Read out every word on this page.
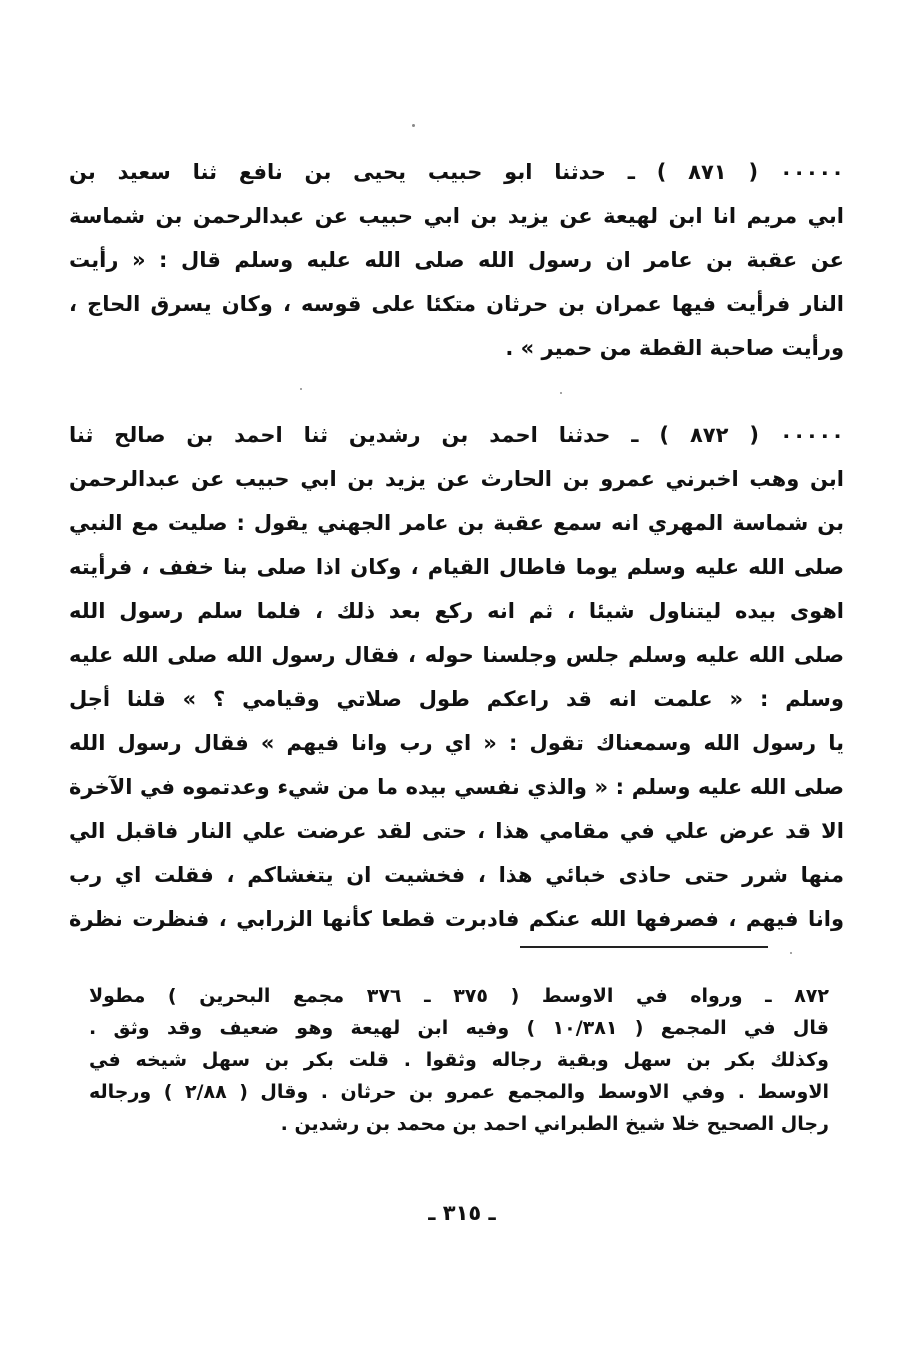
٠٠٠٠٠ ( ٨٧١ ) ـ حدثنا ابو حبيب يحيى بن نافع ثنا سعيد بن
ابي مريم انا ابن لهيعة عن يزيد بن ابي حبيب عن عبدالرحمن بن شماسة
عن عقبة بن عامر ان رسول الله صلى الله عليه وسلم قال : « رأيت
النار فرأيت فيها عمران بن حرثان متكئا على قوسه ، وكان يسرق الحاج ،
ورأيت صاحبة القطة من حمير » .
٠٠٠٠٠ ( ٨٧٢ ) ـ حدثنا احمد بن رشدين ثنا احمد بن صالح ثنا
ابن وهب اخبرني عمرو بن الحارث عن يزيد بن ابي حبيب عن عبدالرحمن
بن شماسة المهري انه سمع عقبة بن عامر الجهني يقول : صليت مع النبي
صلى الله عليه وسلم يوما فاطال القيام ، وكان اذا صلى بنا خفف ، فرأيته
اهوى بيده ليتناول شيئا ، ثم انه ركع بعد ذلك ، فلما سلم رسول الله
صلى الله عليه وسلم جلس وجلسنا حوله ، فقال رسول الله صلى الله عليه
وسلم : « علمت انه قد راعكم طول صلاتي وقيامي ؟ » قلنا أجل
يا رسول الله وسمعناك تقول : « اي رب وانا فيهم » فقال رسول الله
صلى الله عليه وسلم : « والذي نفسي بيده ما من شيء وعدتموه في الآخرة
الا قد عرض علي في مقامي هذا ، حتى لقد عرضت علي النار فاقبل الي
منها شرر حتى حاذى خبائي هذا ، فخشيت ان يتغشاكم ، فقلت اي رب
وانا فيهم ، فصرفها الله عنكم فادبرت قطعا كأنها الزرابي ، فنظرت نظرة
٨٧٢ ـ ورواه في الاوسط ( ٣٧٥ ـ ٣٧٦ مجمع البحرين ) مطولا
قال في المجمع ( ١٠/٣٨١ ) وفيه ابن لهيعة وهو ضعيف وقد وثق .
وكذلك بكر بن سهل وبقية رجاله وثقوا . قلت بكر بن سهل شيخه في
الاوسط . وفي الاوسط والمجمع عمرو بن حرثان . وقال ( ٢/٨٨ ) ورجاله
رجال الصحيح خلا شيخ الطبراني احمد بن محمد بن رشدين .
ـ ٣١٥ ـ
